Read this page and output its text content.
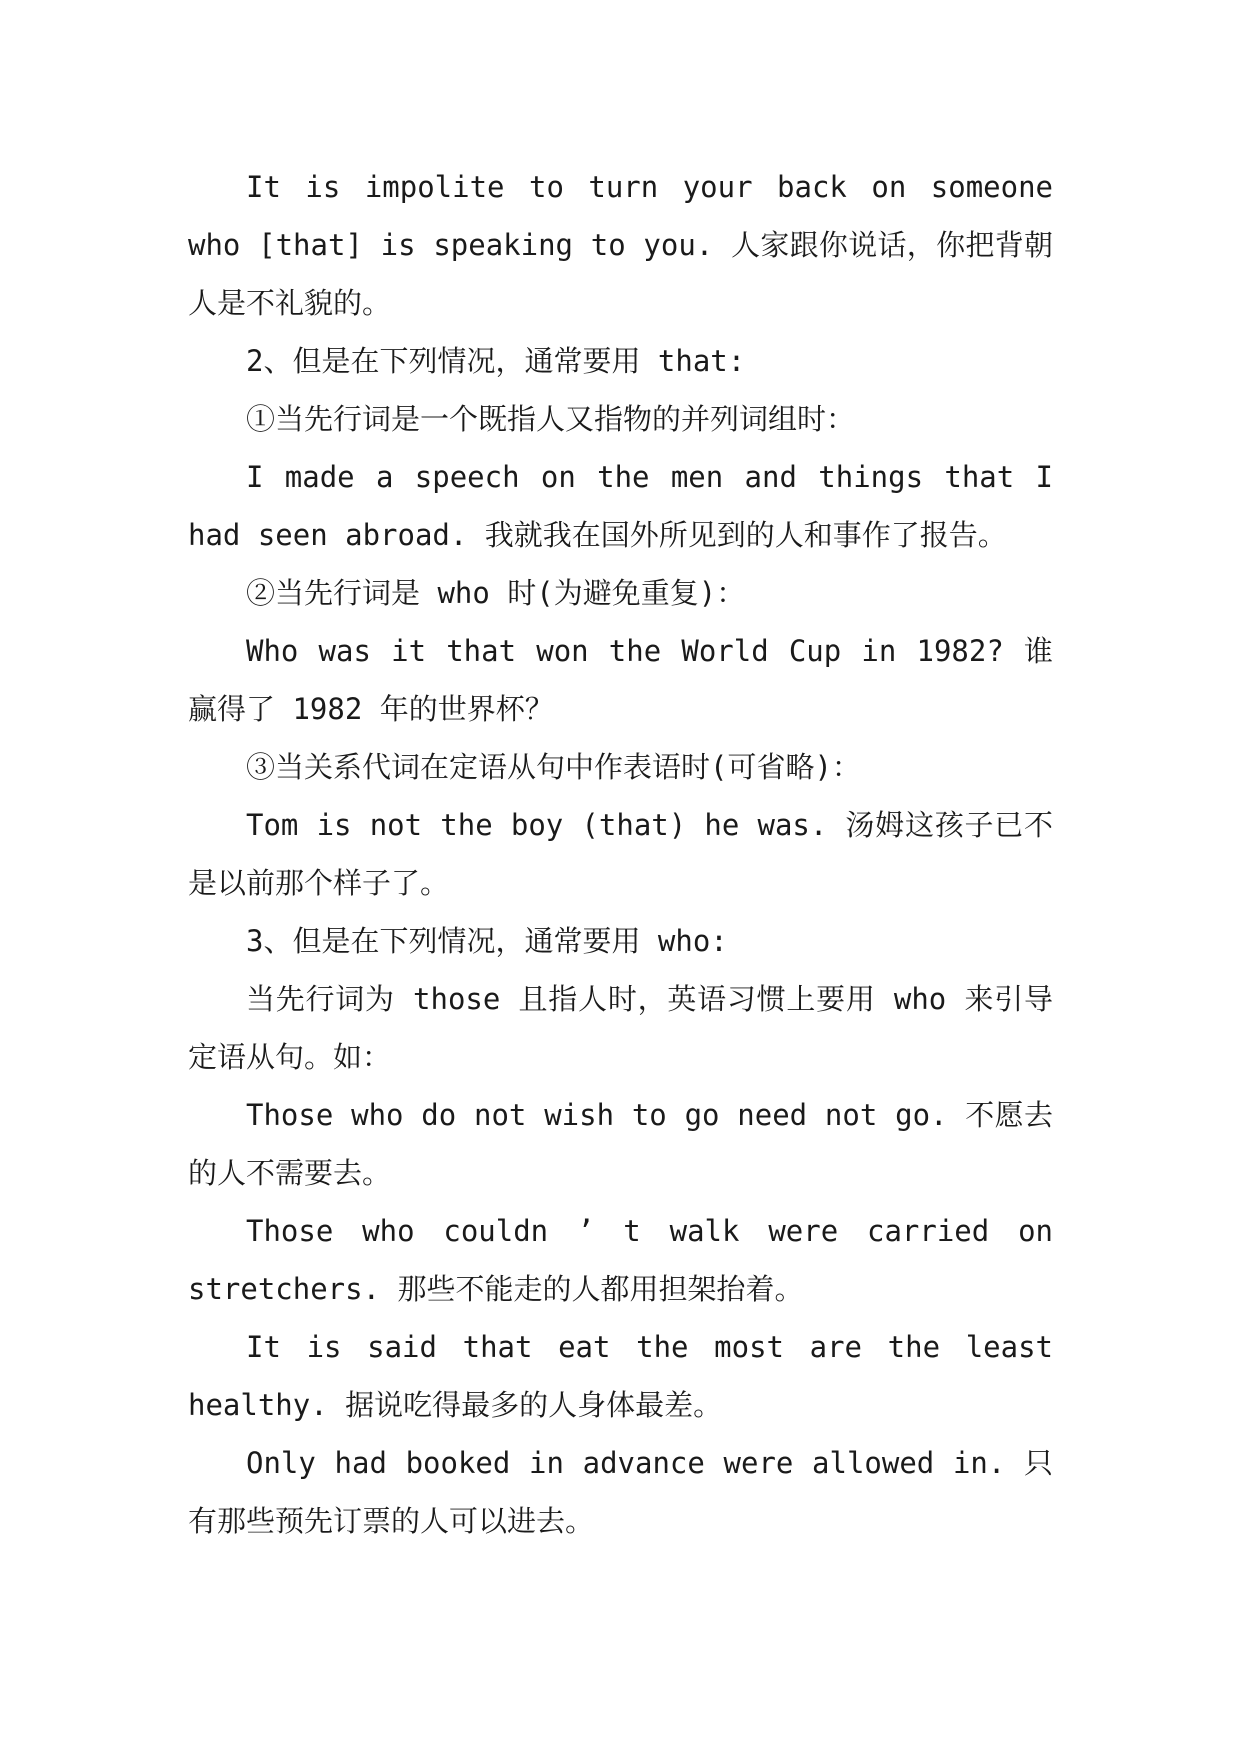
It is impolite to turn your back on someone who [that] is speaking to you. 人家跟你说话，你把背朝人是不礼貌的。

2、但是在下列情况，通常要用 that:

①当先行词是一个既指人又指物的并列词组时：

I made a speech on the men and things that I had seen abroad. 我就我在国外所见到的人和事作了报告。

②当先行词是 who 时(为避免重复)：

Who was it that won the World Cup in 1982? 谁赢得了 1982 年的世界杯？

③当关系代词在定语从句中作表语时(可省略)：

Tom is not the boy (that) he was. 汤姆这孩子已不是以前那个样子了。

3、但是在下列情况，通常要用 who:

当先行词为 those 且指人时，英语习惯上要用 who 来引导定语从句。如：

Those who do not wish to go need not go. 不愿去的人不需要去。

Those who couldn ’ t walk were carried on stretchers. 那些不能走的人都用担架抬着。

It is said that eat the most are the least healthy. 据说吃得最多的人身体最差。

Only had booked in advance were allowed in. 只有那些预先订票的人可以进去。
